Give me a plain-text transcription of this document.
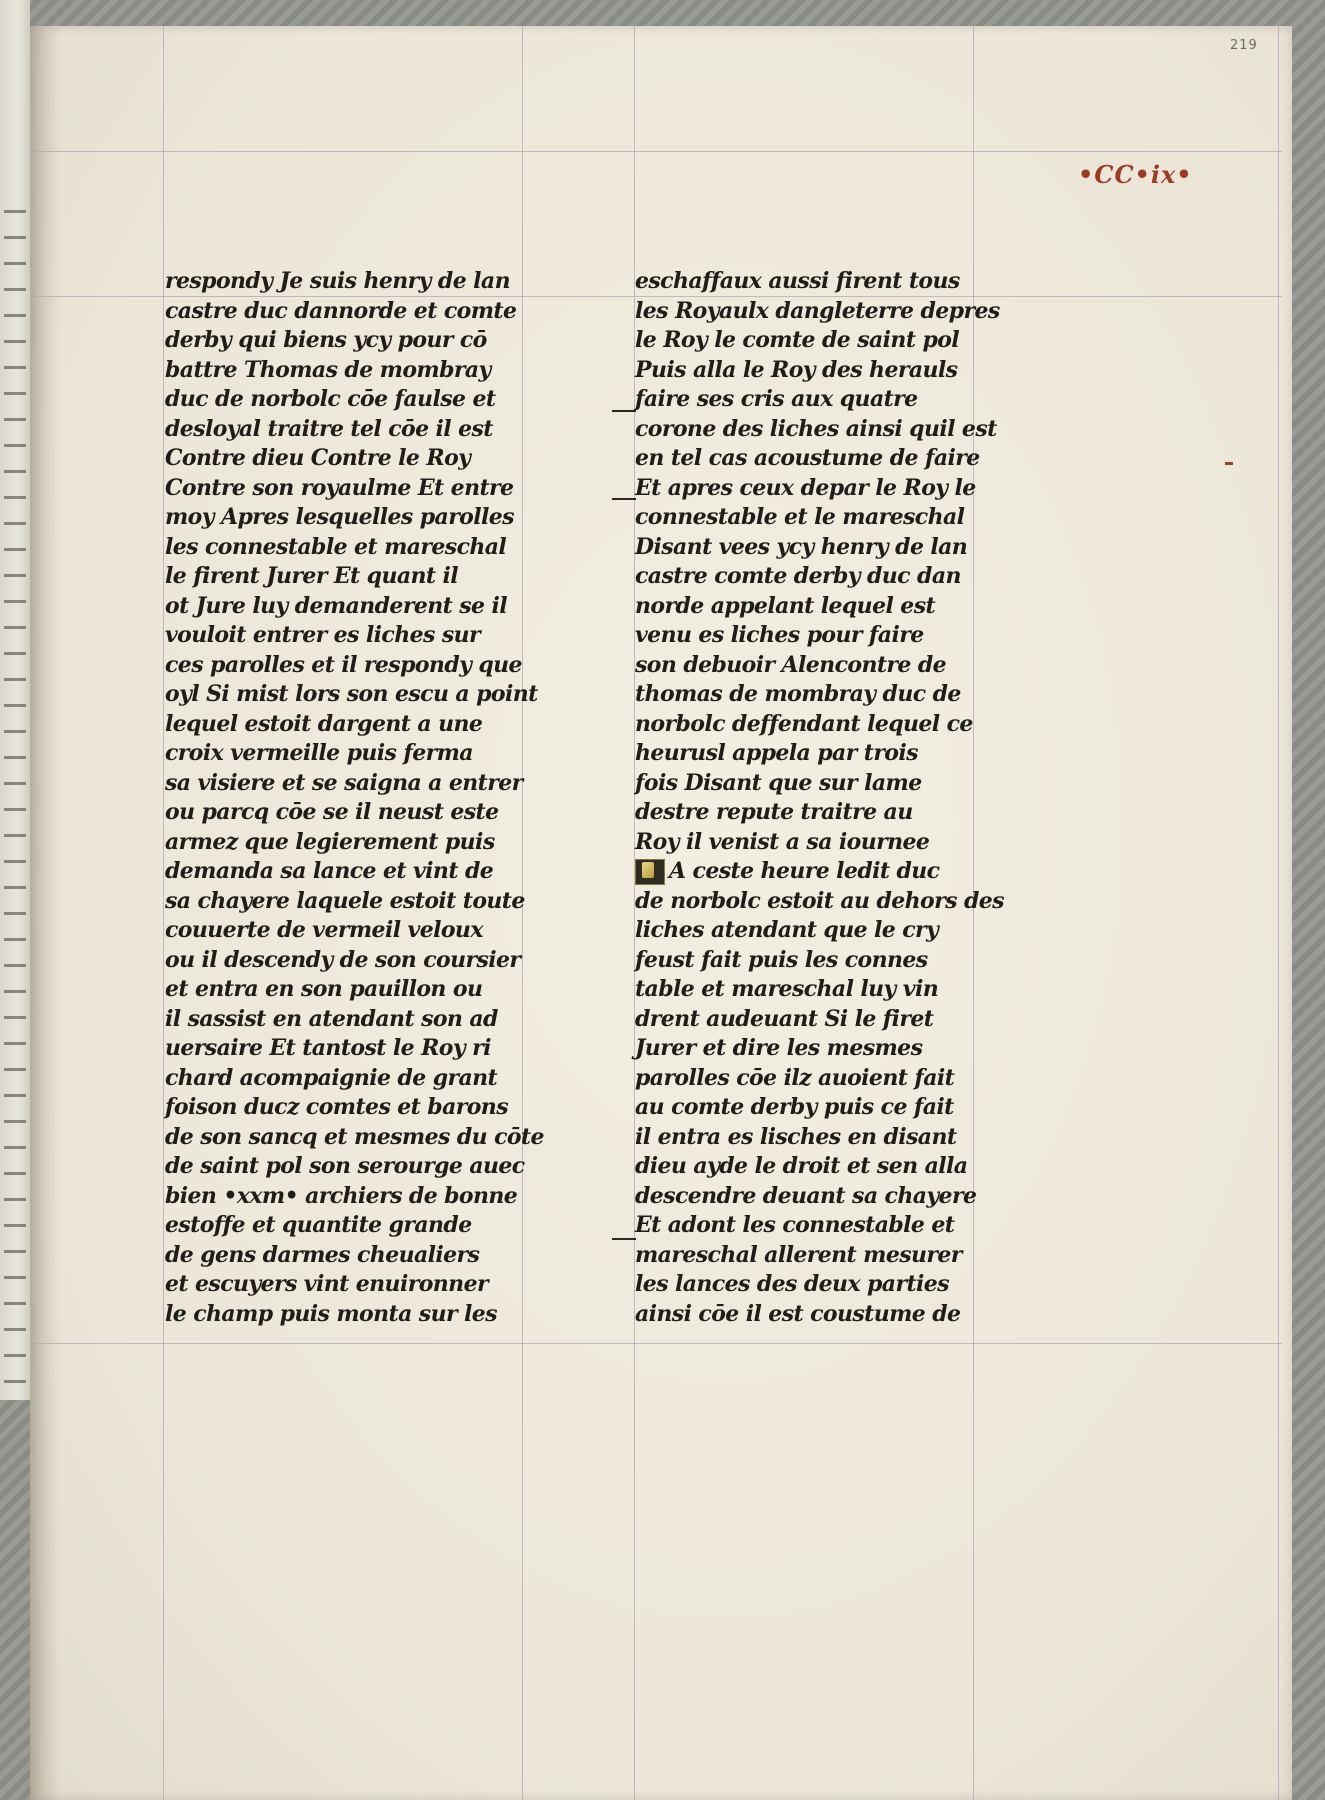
219
•CC•ix•
respondy Je suis henry de lan
castre duc dannorde et comte
derby qui biens ycy pour cō
battre Thomas de mombray
duc de norbolc cōe faulse et
desloyal traitre tel cōe il est
Contre dieu Contre le Roy
Contre son royaulme Et entre
moy Apres lesquelles parolles
les connestable et mareschal
le firent Jurer Et quant il
ot Jure luy demanderent se il
vouloit entrer es liches sur
ces parolles et il respondy que
oyl Si mist lors son escu a point
lequel estoit dargent a une
croix vermeille puis ferma
sa visiere et se saigna a entrer
ou parcq cōe se il neust este
armez que legierement puis
demanda sa lance et vint de
sa chayere laquele estoit toute
couuerte de vermeil veloux
ou il descendy de son coursier
et entra en son pauillon ou
il sassist en atendant son ad
uersaire Et tantost le Roy ri
chard acompaignie de grant
foison ducz comtes et barons
de son sancq et mesmes du cōte
de saint pol son serourge auec
bien •xxm• archiers de bonne
estoffe et quantite grande
de gens darmes cheualiers
et escuyers vint enuironner
le champ puis monta sur les
eschaffaux aussi firent tous
les Royaulx dangleterre depres
le Roy le comte de saint pol
Puis alla le Roy des herauls
faire ses cris aux quatre
corone des liches ainsi quil est
en tel cas acoustume de faire
Et apres ceux depar le Roy le
connestable et le mareschal
Disant vees ycy henry de lan
castre comte derby duc dan
norde appelant lequel est
venu es liches pour faire
son debuoir Alencontre de
thomas de mombray duc de
norbolc deffendant lequel ce
heurusl appela par trois
fois Disant que sur lame
destre repute traitre au
Roy il venist a sa iournee
A ceste heure ledit duc
de norbolc estoit au dehors des
liches atendant que le cry
feust fait puis les connes
table et mareschal luy vin
drent audeuant Si le firet
Jurer et dire les mesmes
parolles cōe ilz auoient fait
au comte derby puis ce fait
il entra es lisches en disant
dieu ayde le droit et sen alla
descendre deuant sa chayere
Et adont les connestable et
mareschal allerent mesurer
les lances des deux parties
ainsi cōe il est coustume de
